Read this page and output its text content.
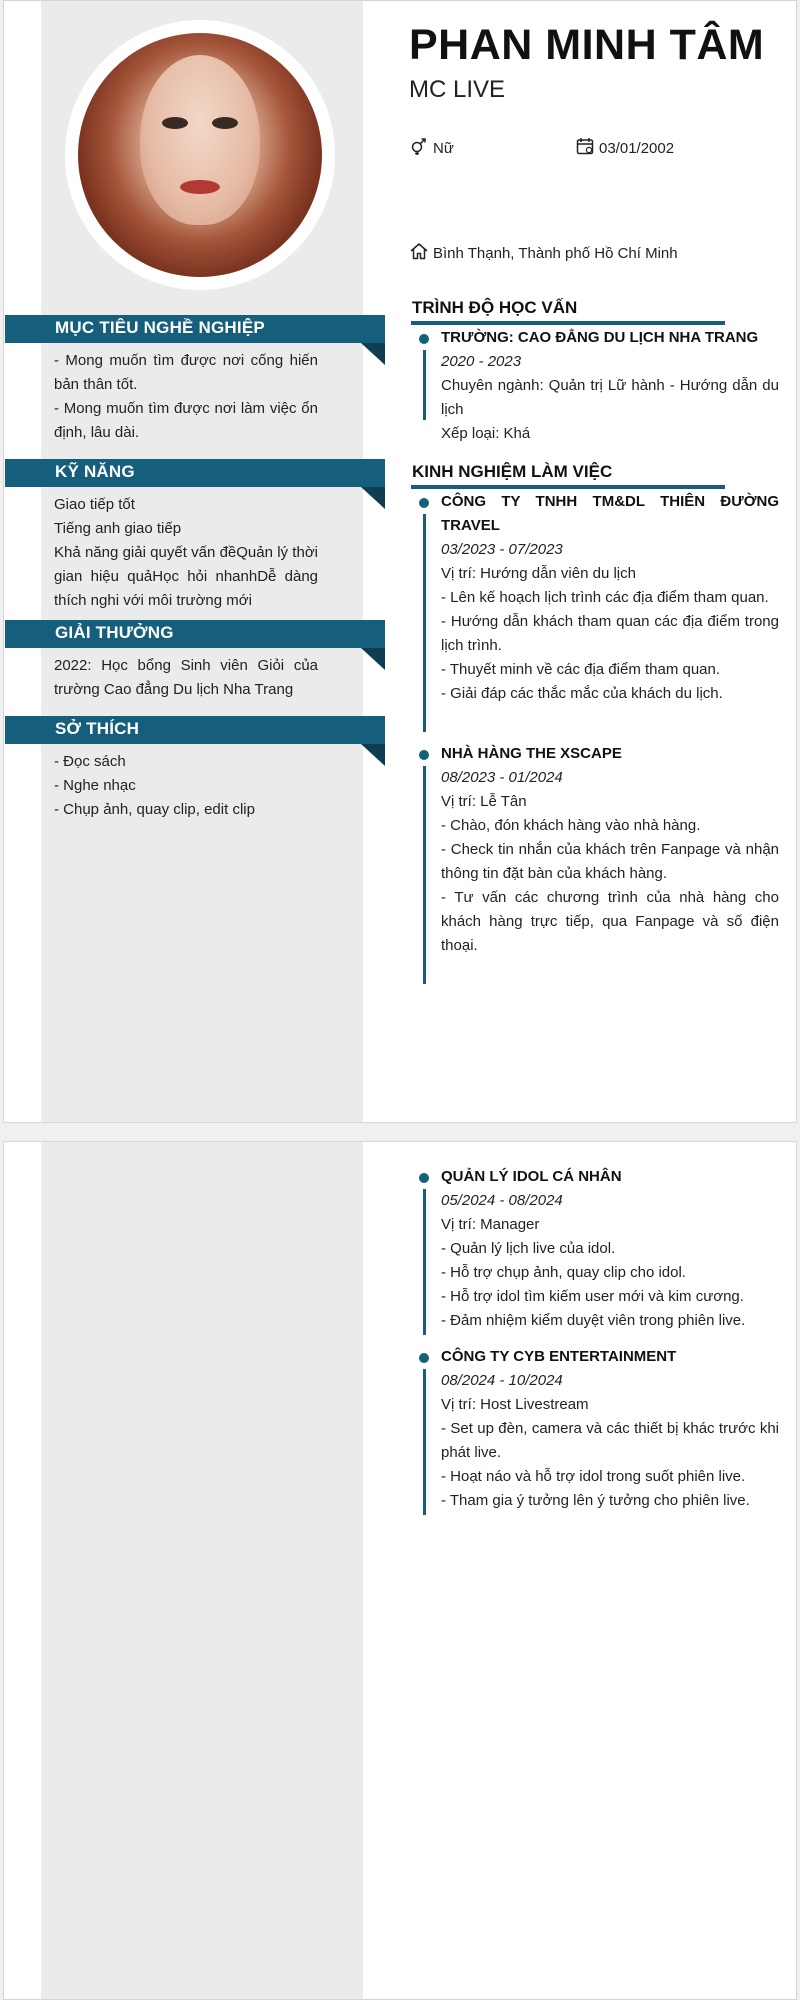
MỤC TIÊU NGHỀ NGHIỆP
- Mong muốn tìm được nơi cống hiến bản thân tốt.
- Mong muốn tìm được nơi làm việc ổn định, lâu dài.
KỸ NĂNG
Giao tiếp tốt
Tiếng anh giao tiếp
Khả năng giải quyết vấn đềQuản lý thời gian hiệu quảHọc hỏi nhanhDễ dàng thích nghi với môi trường mới
GIẢI THƯỞNG
2022: Học bổng Sinh viên Giỏi của trường Cao đẳng Du lịch Nha Trang
SỞ THÍCH
- Đọc sách
- Nghe nhạc
- Chụp ảnh, quay clip, edit clip
PHAN MINH TÂM
MC LIVE
Nữ	03/01/2002
Bình Thạnh, Thành phố Hồ Chí Minh
TRÌNH ĐỘ HỌC VẤN
TRƯỜNG: CAO ĐẲNG DU LỊCH NHA TRANG
2020 - 2023
Chuyên ngành: Quản trị Lữ hành - Hướng dẫn du lịch
Xếp loại: Khá
KINH NGHIỆM LÀM VIỆC
CÔNG TY TNHH TM&DL THIÊN ĐƯỜNG TRAVEL
03/2023 - 07/2023
Vị trí: Hướng dẫn viên du lịch
- Lên kế hoạch lịch trình các địa điểm tham quan.
- Hướng dẫn khách tham quan các địa điểm trong lịch trình.
- Thuyết minh về các địa điểm tham quan.
- Giải đáp các thắc mắc của khách du lịch.
NHÀ HÀNG THE XSCAPE
08/2023 - 01/2024
Vị trí: Lễ Tân
- Chào, đón khách hàng vào nhà hàng.
- Check tin nhắn của khách trên Fanpage và nhận thông tin đặt bàn của khách hàng.
- Tư vấn các chương trình của nhà hàng cho khách hàng trực tiếp, qua Fanpage và số điện thoại.
QUẢN LÝ IDOL CÁ NHÂN
05/2024 - 08/2024
Vị trí: Manager
- Quản lý lịch live của idol.
- Hỗ trợ chụp ảnh, quay clip cho idol.
- Hỗ trợ idol tìm kiếm user mới và kim cương.
- Đảm nhiệm kiểm duyệt viên trong phiên live.
CÔNG TY CYB ENTERTAINMENT
08/2024 - 10/2024
Vị trí: Host Livestream
- Set up đèn, camera và các thiết bị khác trước khi phát live.
- Hoạt náo và hỗ trợ idol trong suốt phiên live.
- Tham gia ý tưởng lên ý tưởng cho phiên live.
